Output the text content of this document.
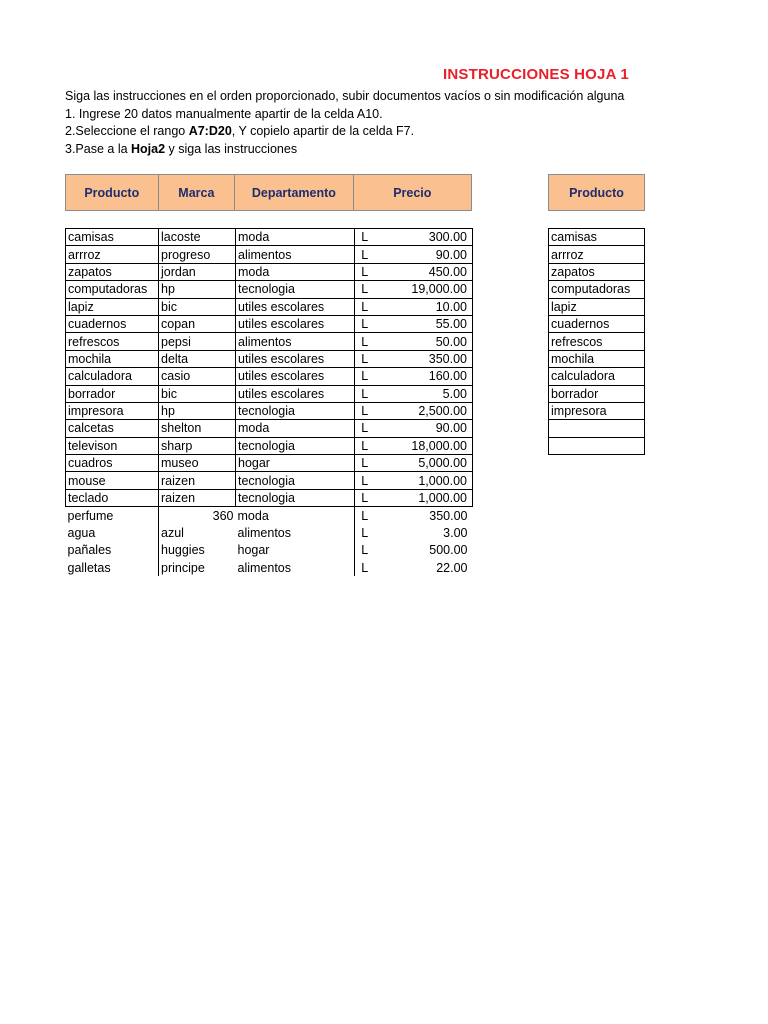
INSTRUCCIONES HOJA 1
Siga las instrucciones en el orden proporcionado, subir documentos vacíos o sin modificación alguna
1. Ingrese 20 datos manualmente apartir de la celda A10.
2.Seleccione el rango A7:D20, Y copielo apartir de la celda F7.
3.Pase a la Hoja2 y siga las instrucciones
Producto	Marca	Departamento	Precio	Producto
camisas	lacoste	moda	L	300.00
arrroz	progreso	alimentos	L	90.00
zapatos	jordan	moda	L	450.00
computadoras	hp	tecnologia	L	19,000.00
lapiz	bic	utiles escolares	L	10.00
cuadernos	copan	utiles escolares	L	55.00
refrescos	pepsi	alimentos	L	50.00
mochila	delta	utiles escolares	L	350.00
calculadora	casio	utiles escolares	L	160.00
borrador	bic	utiles escolares	L	5.00
impresora	hp	tecnologia	L	2,500.00
calcetas	shelton	moda	L	90.00
televison	sharp	tecnologia	L	18,000.00
cuadros	museo	hogar	L	5,000.00
mouse	raizen	tecnologia	L	1,000.00
teclado	raizen	tecnologia	L	1,000.00
perfume	360	moda	L	350.00
agua	azul	alimentos	L	3.00
pañales	huggies	hogar	L	500.00
galletas	principe	alimentos	L	22.00
camisas
arrroz
zapatos
computadoras
lapiz
cuadernos
refrescos
mochila
calculadora
borrador
impresora
